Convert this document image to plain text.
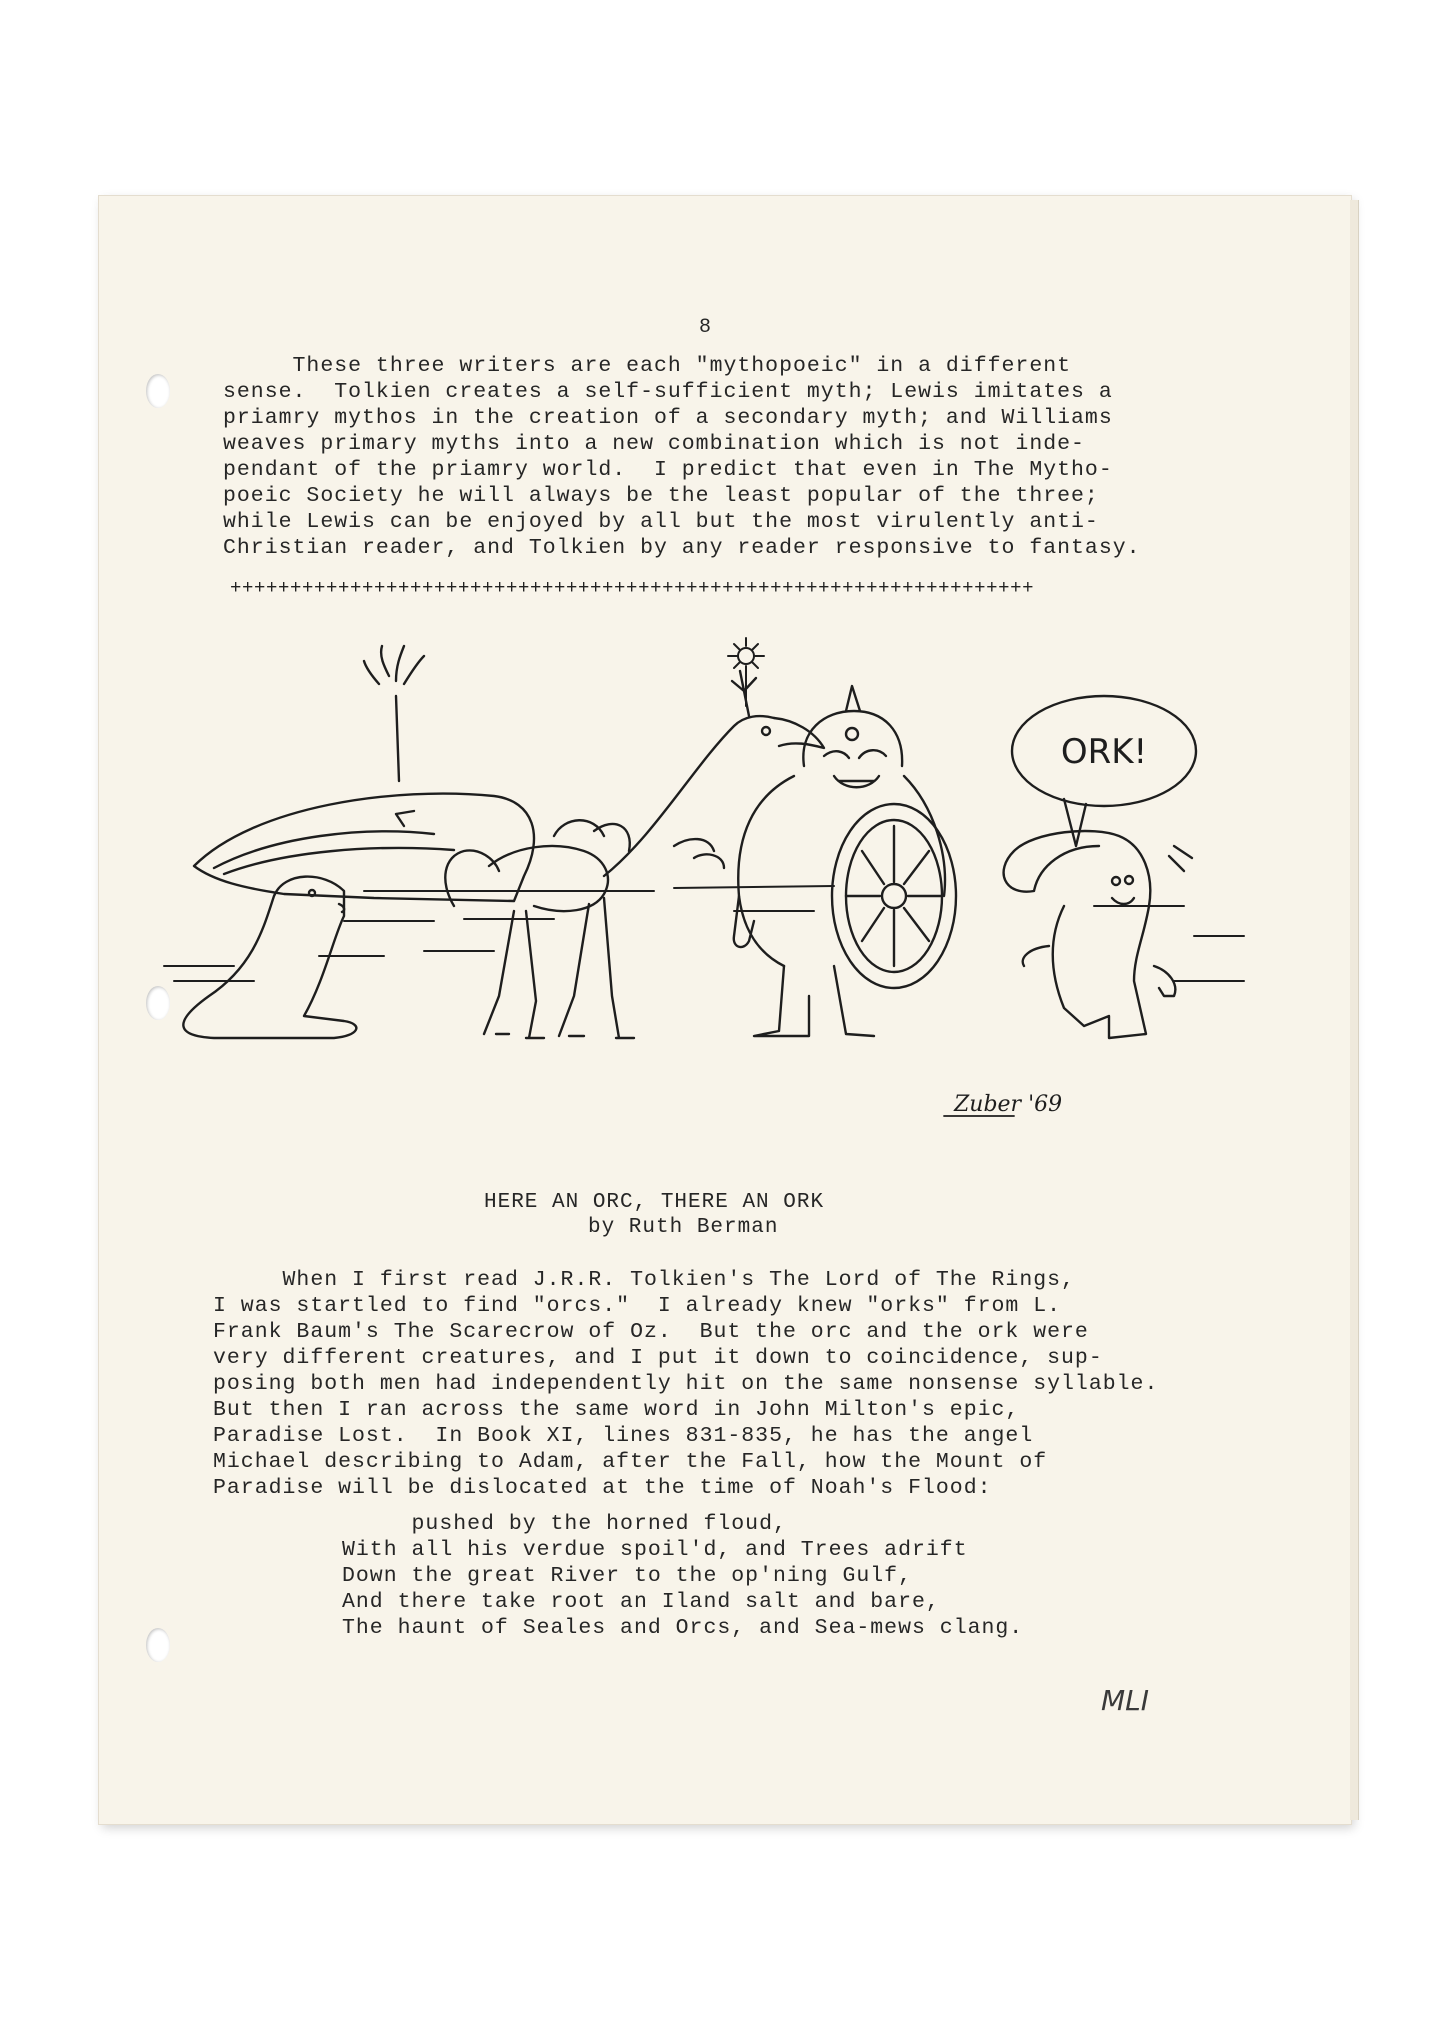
8

These three writers are each "mythopoeic" in a different

sense.  Tolkien creates a self-sufficient myth; Lewis imitates a

priamry mythos in the creation of a secondary myth; and Williams

weaves primary myths into a new combination which is not inde-

pendant of the priamry world.  I predict that even in The Mytho-

poeic Society he will always be the least popular of the three;

while Lewis can be enjoyed by all but the most virulently anti-

Christian reader, and Tolkien by any reader responsive to fantasy.

+++++++++++++++++++++++++++++++++++++++++++++++++++++++++++++++++++
ORK!
Zuber '69
HERE AN ORC, THERE AN ORK
by Ruth Berman

When I first read J.R.R. Tolkien's The Lord of The Rings,

I was startled to find "orcs."  I already knew "orks" from L.

Frank Baum's The Scarecrow of Oz.  But the orc and the ork were

very different creatures, and I put it down to coincidence, sup-

posing both men had independently hit on the same nonsense syllable.

But then I ran across the same word in John Milton's epic,

Paradise Lost.  In Book XI, lines 831-835, he has the angel

Michael describing to Adam, after the Fall, how the Mount of

Paradise will be dislocated at the time of Noah's Flood:

pushed by the horned floud,

With all his verdue spoil'd, and Trees adrift

Down the great River to the op'ning Gulf,

And there take root an Iland salt and bare,

The haunt of Seales and Orcs, and Sea-mews clang.

MLI
